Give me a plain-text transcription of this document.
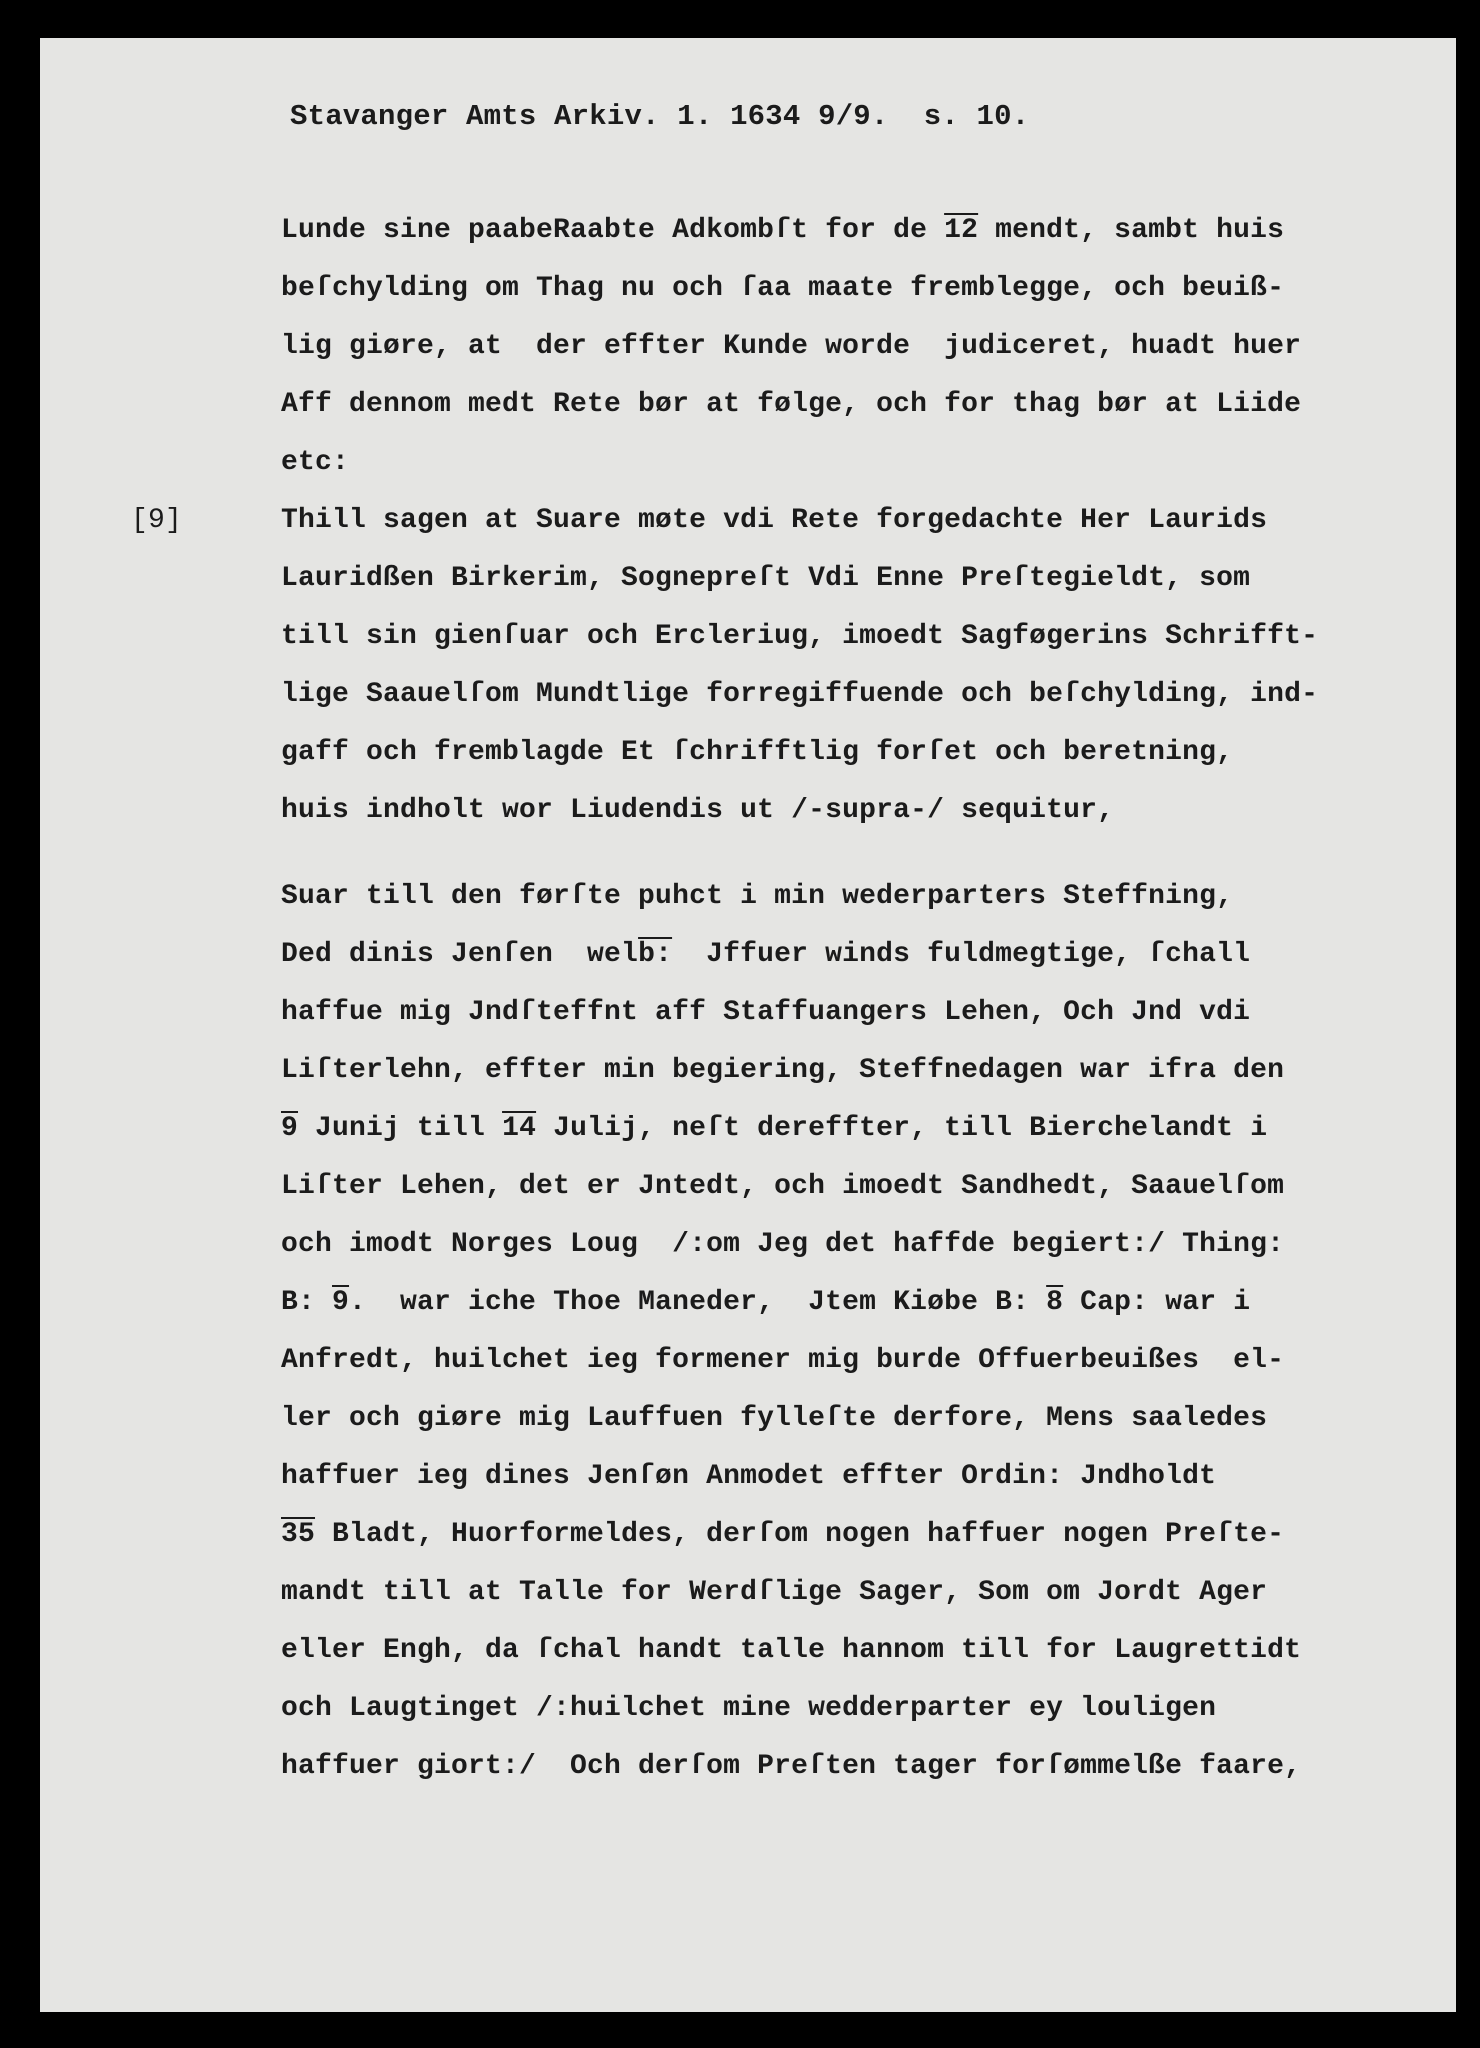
Stavanger Amts Arkiv. 1. 1634 9/9.  s. 10.
Lunde sine paabeRaabte Adkombſt for de 12 mendt, sambt huis
beſchylding om Thag nu och ſaa maate fremblegge, och beuiß-
lig giøre, at  der effter Kunde worde  judiceret, huadt huer
Aff dennom medt Rete bør at følge, och for thag bør at Liide
etc:
[9]	Thill sagen at Suare møte vdi Rete forgedachte Her Laurids
Lauridßen Birkerim, Sognepreſt Vdi Enne Preſtegieldt, som
till sin gienſuar och Ercleriug, imoedt Sagføgerins Schrifft-
lige Saauelſom Mundtlige forregiffuende och beſchylding, ind-
gaff och fremblagde Et ſchrifftlig forſet och beretning,
huis indholt wor Liudendis ut /-supra-/ sequitur,
Suar till den førſte puhct i min wederparters Steffning,
Ded dinis Jenſen  welb:  Jffuer winds fuldmegtige, ſchall
haffue mig Jndſteffnt aff Staffuangers Lehen, Och Jnd vdi
Liſterlehn, effter min begiering, Steffnedagen war ifra den
9 Junij till 14 Julij, neſt dereffter, till Bierchelandt i
Liſter Lehen, det er Jntedt, och imoedt Sandhedt, Saauelſom
och imodt Norges Loug  /:om Jeg det haffde begiert:/ Thing:
B: 9.  war iche Thoe Maneder,  Jtem Kiøbe B: 8 Cap: war i
Anfredt, huilchet ieg formener mig burde Offuerbeuißes  el-
ler och giøre mig Lauffuen fylleſte derfore, Mens saaledes
haffuer ieg dines Jenſøn Anmodet effter Ordin: Jndholdt
35 Bladt, Huorformeldes, derſom nogen haffuer nogen Preſte-
mandt till at Talle for Werdſlige Sager, Som om Jordt Ager
eller Engh, da ſchal handt talle hannom till for Laugrettidt
och Laugtinget /:huilchet mine wedderparter ey louligen
haffuer giort:/  Och derſom Preſten tager forſømmelße faare,
